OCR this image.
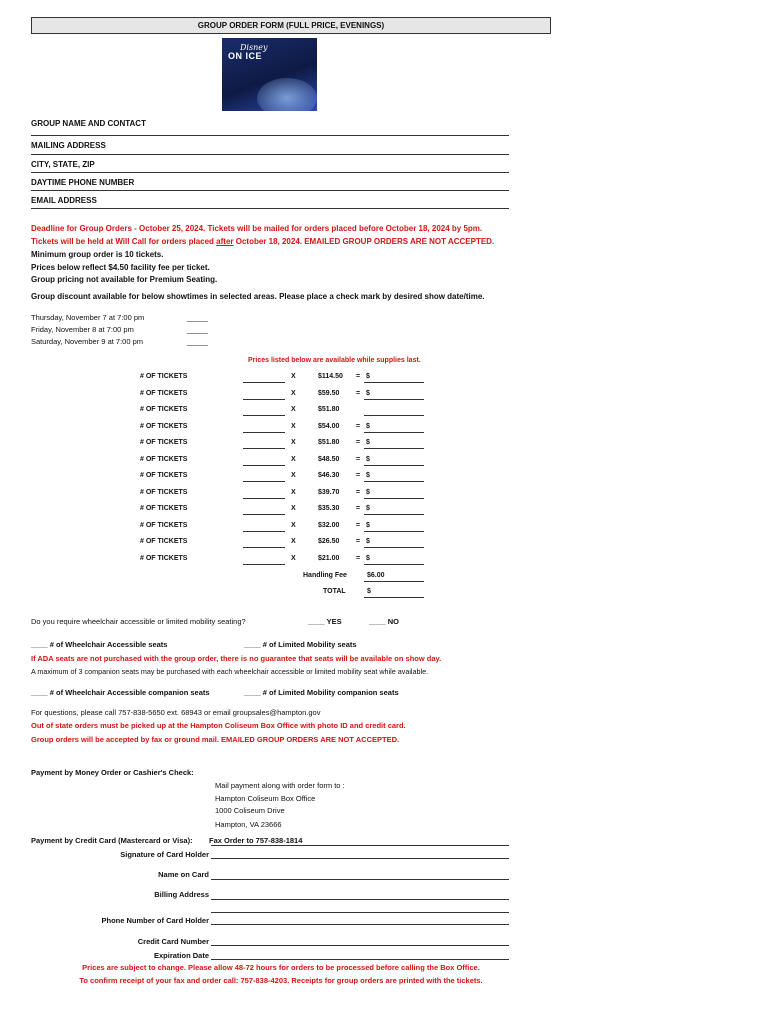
GROUP ORDER FORM (FULL PRICE, EVENINGS)
Disney
ON ICE
GROUP NAME AND CONTACT
MAILING ADDRESS
CITY, STATE, ZIP
DAYTIME PHONE NUMBER
EMAIL ADDRESS
Deadline for Group Orders - October 25, 2024. Tickets will be mailed for orders placed before October 18, 2024 by 5pm.
Tickets will be held at Will Call for orders placed after October 18, 2024. EMAILED GROUP ORDERS ARE NOT ACCEPTED.
Minimum group order is 10 tickets.
Prices below reflect $4.50 facility fee per ticket.
Group pricing not available for Premium Seating.
Group discount available for below showtimes in selected areas. Please place a check mark by desired show date/time.
Thursday, November 7 at 7:00 pm	_____
Friday, November 8 at 7:00 pm	_____
Saturday, November 9 at 7:00 pm	_____
Prices listed below are available while supplies last.
# OF TICKETS	X	$114.50 = $
# OF TICKETS	X	$59.50 = $
# OF TICKETS	X	$51.80
# OF TICKETS	X	$54.00 = $
# OF TICKETS	X	$51.80 = $
# OF TICKETS	X	$48.50 = $
# OF TICKETS	X	$46.30 = $
# OF TICKETS	X	$39.70 = $
# OF TICKETS	X	$35.30 = $
# OF TICKETS	X	$32.00 = $
# OF TICKETS	X	$26.50 = $
# OF TICKETS	X	$21.00 = $
Handling Fee	$6.00
TOTAL	$
Do you require wheelchair accessible or limited mobility seating?	____ YES	____ NO
____ # of Wheelchair Accessible seats	____ # of Limited Mobility seats
If ADA seats are not purchased with the group order, there is no guarantee that seats will be available on show day.
A maximum of 3 companion seats may be purchased with each wheelchair accessible or limited mobility seat while available.
____ # of Wheelchair Accessible companion seats	____ # of Limited Mobility companion seats
For questions, please call 757-838-5650 ext. 68943 or email groupsales@hampton.gov
Out of state orders must be picked up at the Hampton Coliseum Box Office with photo ID and credit card.
Group orders will be accepted by fax or ground mail. EMAILED GROUP ORDERS ARE NOT ACCEPTED.
Payment by Money Order or Cashier's Check:
Mail payment along with order form to :
Hampton Coliseum Box Office
1000 Coliseum Drive
Hampton, VA 23666
Payment by Credit Card (Mastercard or Visa): Fax Order to 757-838-1814
Signature of Card Holder
Name on Card
Billing Address
Phone Number of Card Holder
Credit Card Number
Expiration Date
Prices are subject to change. Please allow 48-72 hours for orders to be processed before calling the Box Office.
To confirm receipt of your fax and order call: 757-838-4203. Receipts for group orders are printed with the tickets.
